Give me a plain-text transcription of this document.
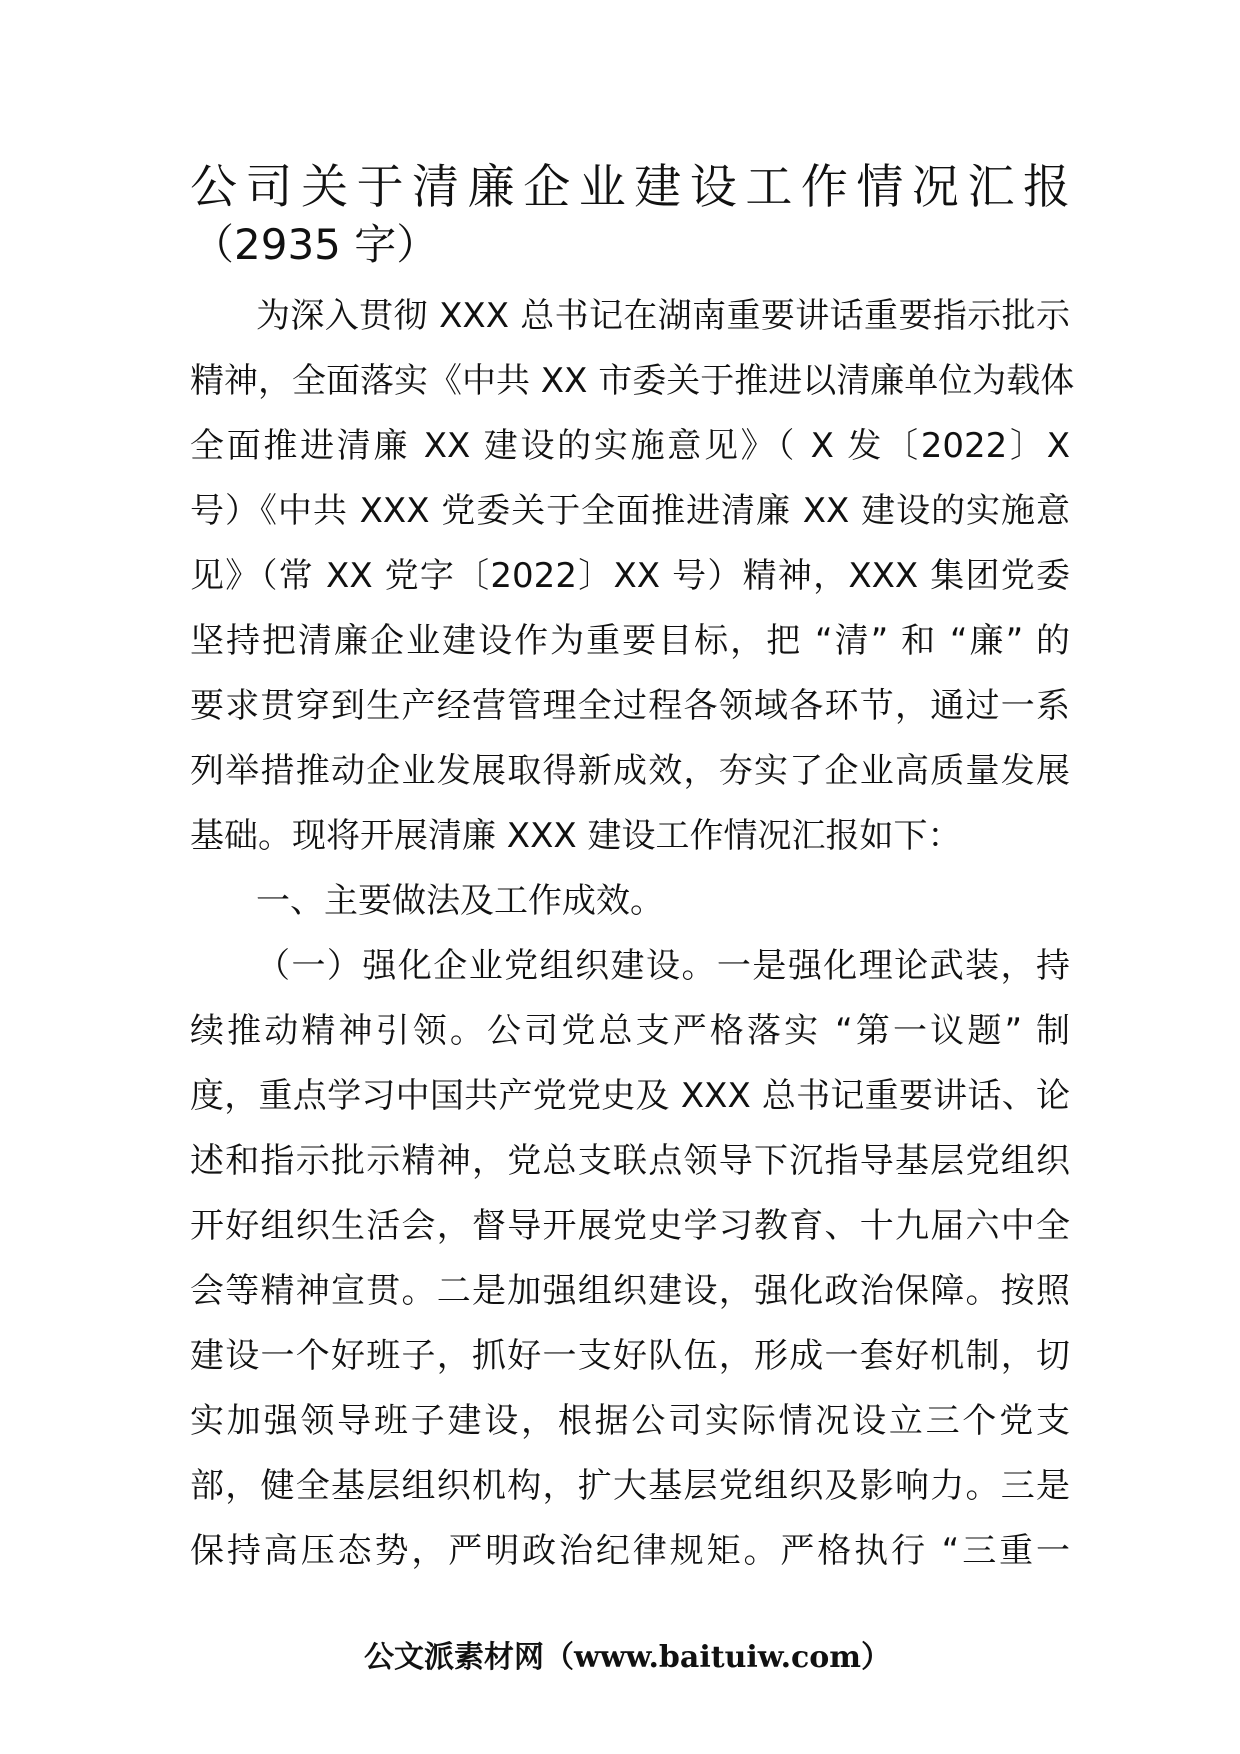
公司关于清廉企业建设工作情况汇报
（2935 字）
为深入贯彻 XXX 总书记在湖南重要讲话重要指示批示
精神，全面落实《中共 XX 市委关于推进以清廉单位为载体
全面推进清廉 XX 建设的实施意见》（ X 发〔2022〕X
号）《中共 XXX 党委关于全面推进清廉 XX 建设的实施意
见》（常 XX 党字〔2022〕XX 号）精神，XXX 集团党委
坚持把清廉企业建设作为重要目标，把 “清” 和 “廉” 的
要求贯穿到生产经营管理全过程各领域各环节，通过一系
列举措推动企业发展取得新成效，夯实了企业高质量发展
基础。现将开展清廉 XXX 建设工作情况汇报如下：
一、主要做法及工作成效。
（一）强化企业党组织建设。一是强化理论武装，持
续推动精神引领。公司党总支严格落实 “第一议题” 制
度，重点学习中国共产党党史及 XXX 总书记重要讲话、论
述和指示批示精神，党总支联点领导下沉指导基层党组织
开好组织生活会，督导开展党史学习教育、十九届六中全
会等精神宣贯。二是加强组织建设，强化政治保障。按照
建设一个好班子，抓好一支好队伍，形成一套好机制，切
实加强领导班子建设，根据公司实际情况设立三个党支
部，健全基层组织机构，扩大基层党组织及影响力。三是
保持高压态势，严明政治纪律规矩。严格执行 “三重一
公文派素材网（www.baituiw.com）
